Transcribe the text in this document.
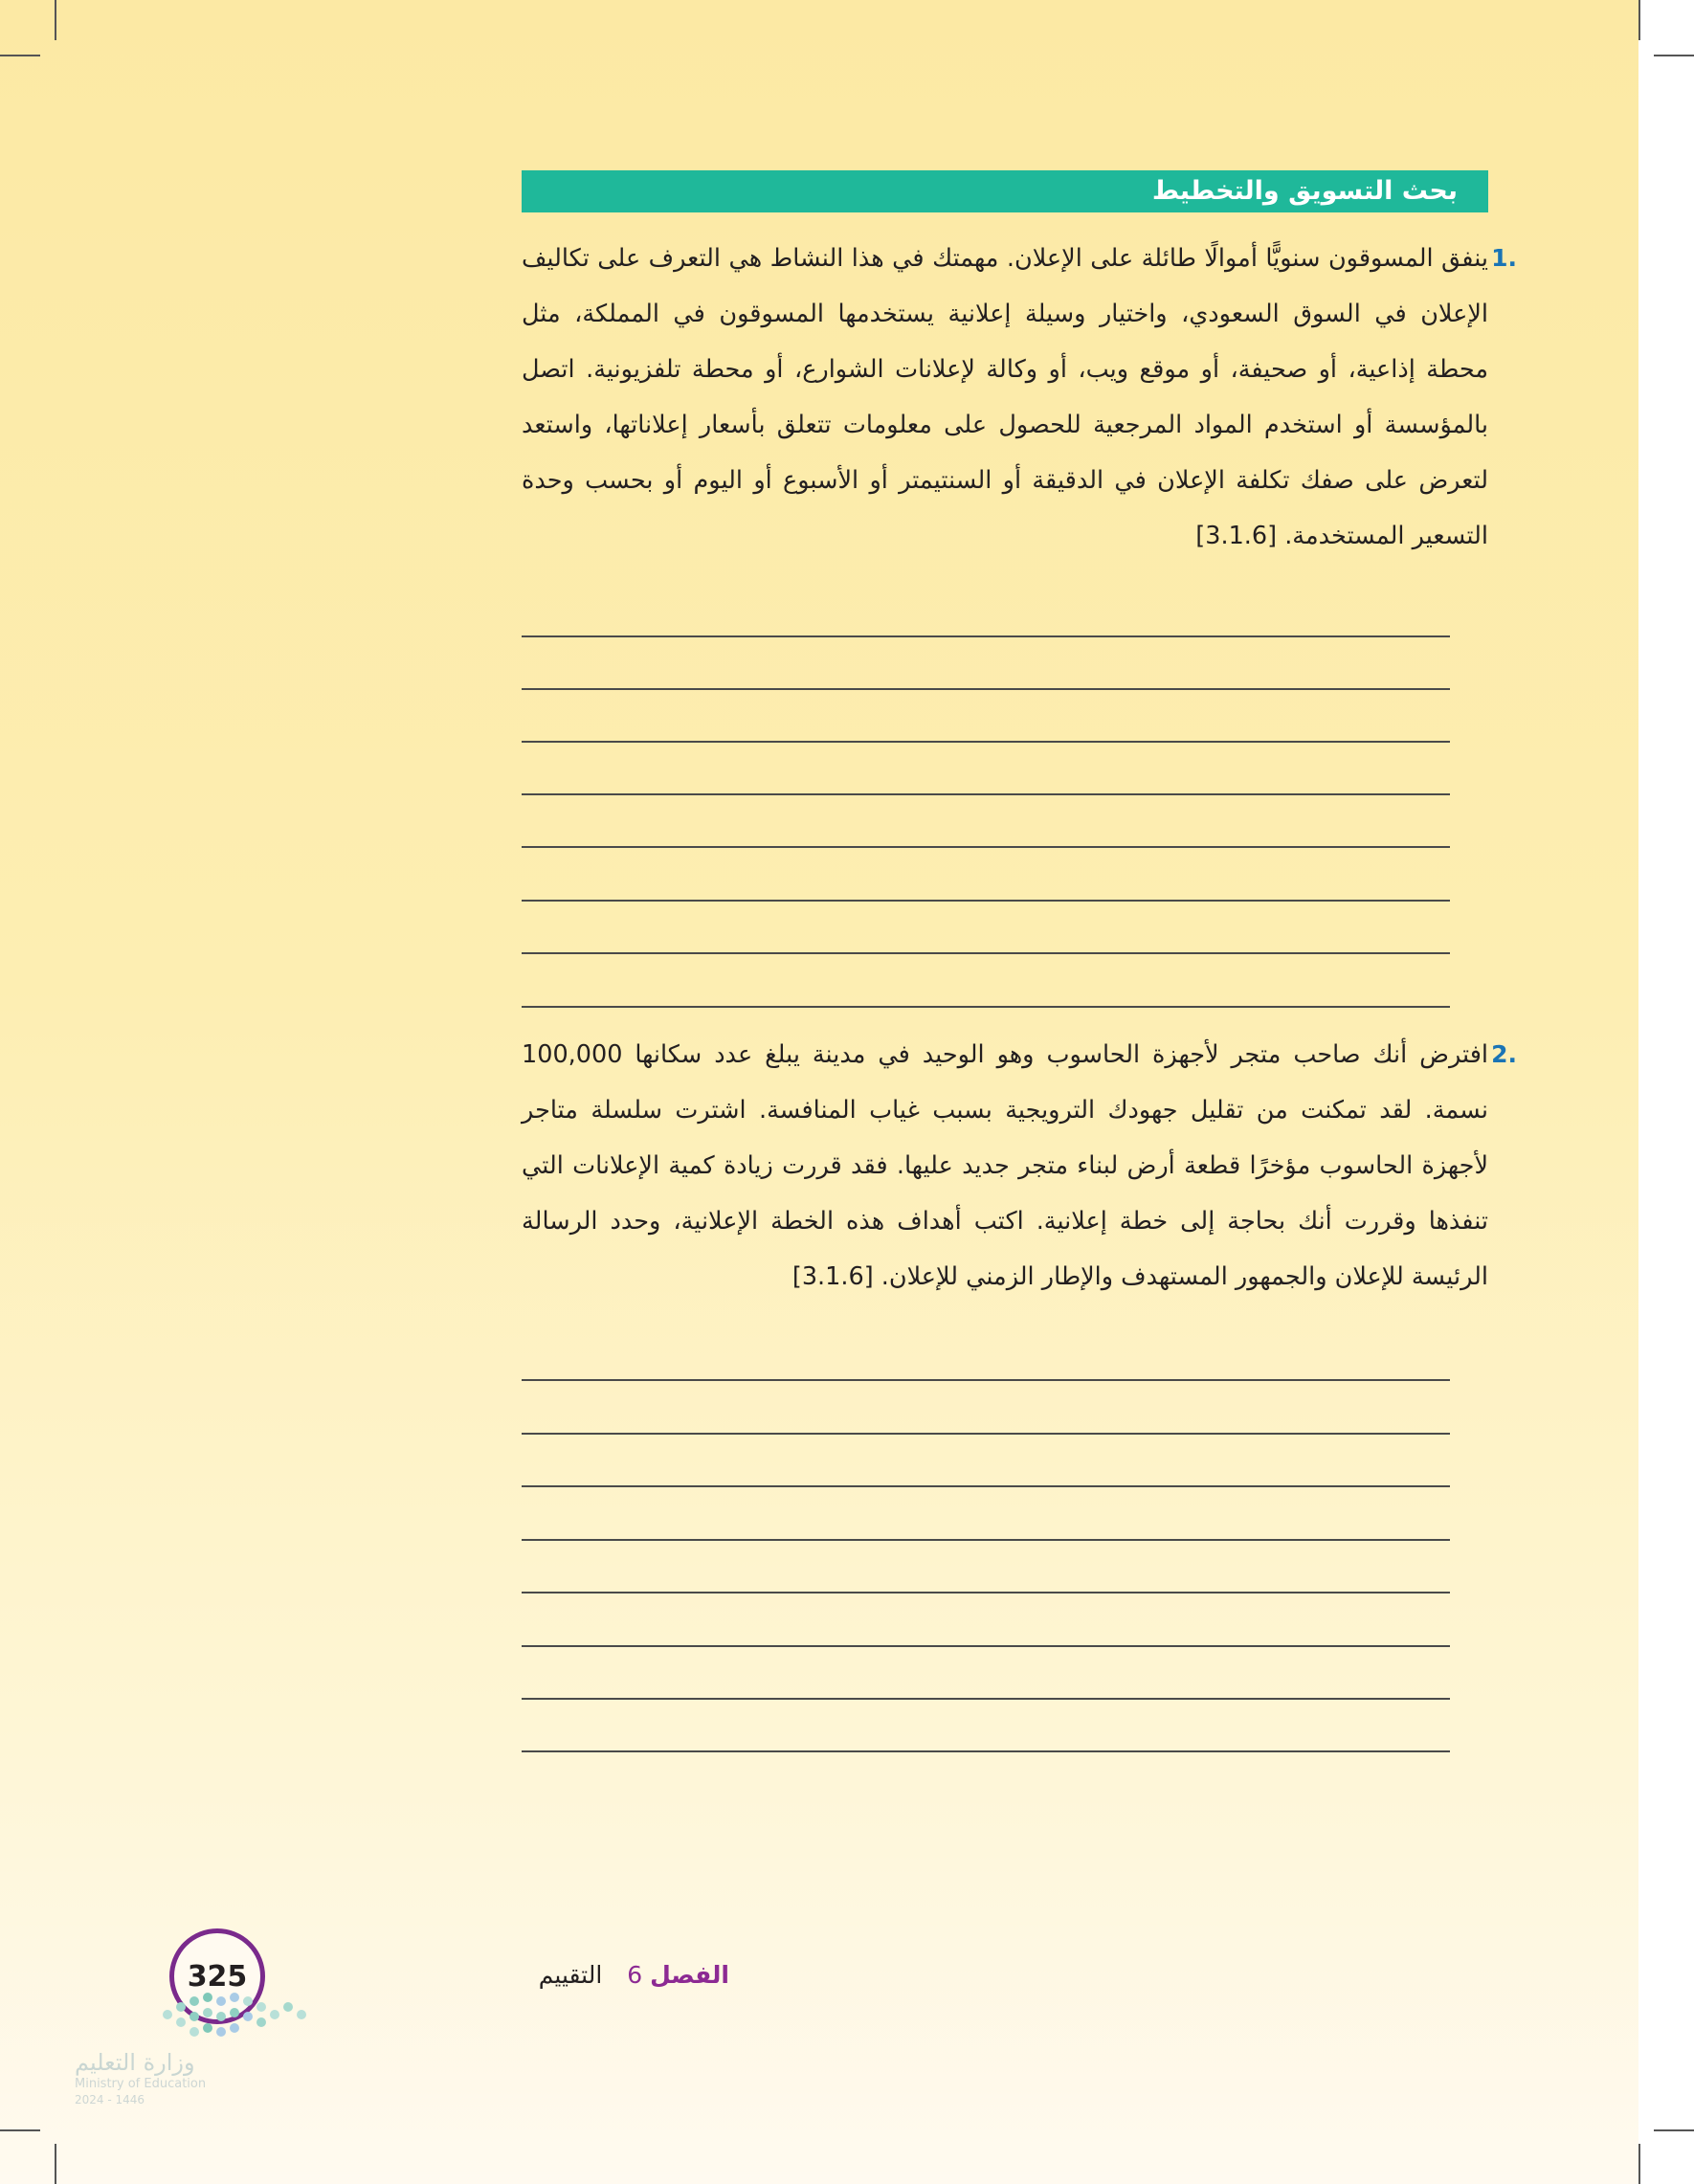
بحث التسويق والتخطيط
.1
ينفق المسوقون سنويًّا أموالًا طائلة على الإعلان. مهمتك في هذا النشاط هي التعرف على تكاليف الإعلان في السوق السعودي، واختيار وسيلة إعلانية يستخدمها المسوقون في المملكة، مثل محطة إذاعية، أو صحيفة، أو موقع ويب، أو وكالة لإعلانات الشوارع، أو محطة تلفزيونية. اتصل بالمؤسسة أو استخدم المواد المرجعية للحصول على معلومات تتعلق بأسعار إعلاناتها، واستعد لتعرض على صفك تكلفة الإعلان في الدقيقة أو السنتيمتر أو الأسبوع أو اليوم أو بحسب وحدة التسعير المستخدمة. [3.1.6]
.2
افترض أنك صاحب متجر لأجهزة الحاسوب وهو الوحيد في مدينة يبلغ عدد سكانها 100,000 نسمة. لقد تمكنت من تقليل جهودك الترويجية بسبب غياب المنافسة. اشترت سلسلة متاجر لأجهزة الحاسوب مؤخرًا قطعة أرض لبناء متجر جديد عليها. فقد قررت زيادة كمية الإعلانات التي تنفذها وقررت أنك بحاجة إلى خطة إعلانية. اكتب أهداف هذه الخطة الإعلانية، وحدد الرسالة الرئيسة للإعلان والجمهور المستهدف والإطار الزمني للإعلان. [3.1.6]
325	الفصل 6 التقييم
وزارة التعليم
Ministry of Education
2024 - 1446
